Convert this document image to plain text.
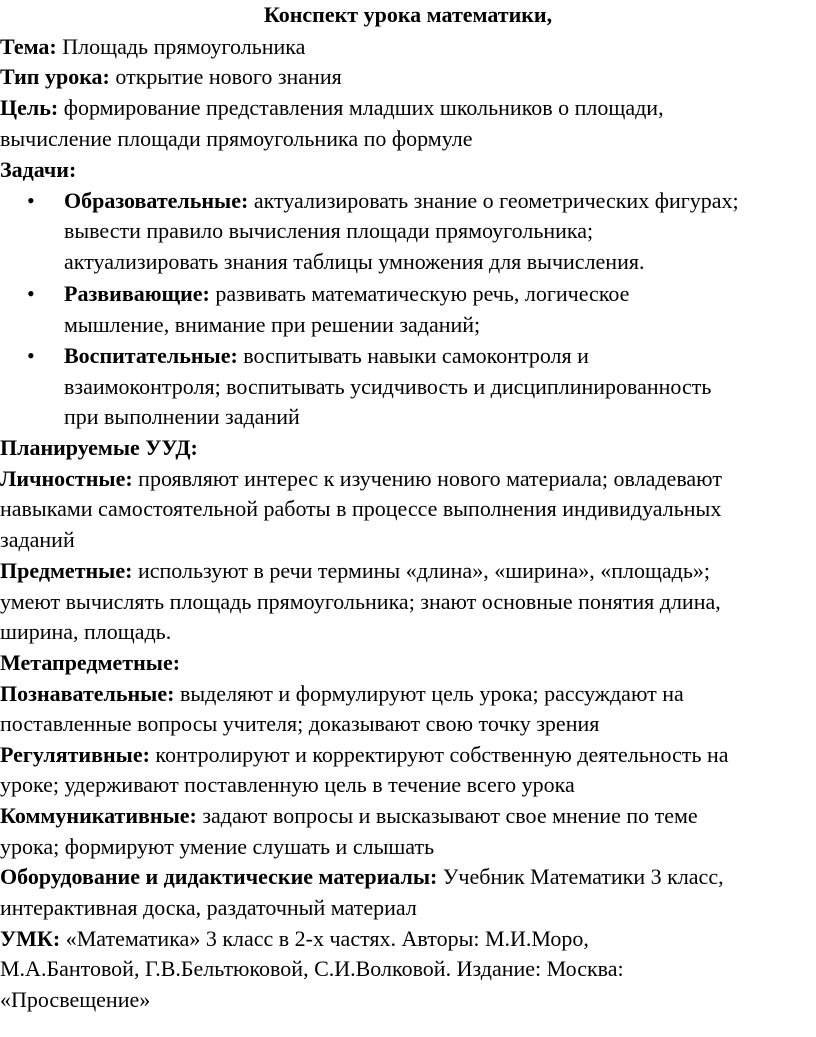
Конспект урока математики,
Тема: Площадь прямоугольника
Тип урока: открытие нового знания
Цель: формирование представления младших школьников о площади,
вычисление площади прямоугольника по формуле
Задачи:
• Образовательные: актуализировать знание о геометрических фигурах;
вывести правило вычисления площади прямоугольника;
актуализировать знания таблицы умножения для вычисления.
• Развивающие: развивать математическую речь, логическое
мышление, внимание при решении заданий;
• Воспитательные: воспитывать навыки самоконтроля и
взаимоконтроля; воспитывать усидчивость и дисциплинированность
при выполнении заданий
Планируемые УУД:
Личностные: проявляют интерес к изучению нового материала; овладевают
навыками самостоятельной работы в процессе выполнения индивидуальных
заданий
Предметные: используют в речи термины «длина», «ширина», «площадь»;
умеют вычислять площадь прямоугольника; знают основные понятия длина,
ширина, площадь.
Метапредметные:
Познавательные: выделяют и формулируют цель урока; рассуждают на
поставленные вопросы учителя; доказывают свою точку зрения
Регулятивные: контролируют и корректируют собственную деятельность на
уроке; удерживают поставленную цель в течение всего урока
Коммуникативные: задают вопросы и высказывают свое мнение по теме
урока; формируют умение слушать и слышать
Оборудование и дидактические материалы: Учебник Математики 3 класс,
интерактивная доска, раздаточный материал
УМК: «Математика» 3 класс в 2-х частях. Авторы: М.И.Моро,
М.А.Бантовой, Г.В.Бельтюковой, С.И.Волковой. Издание: Москва:
«Просвещение»
